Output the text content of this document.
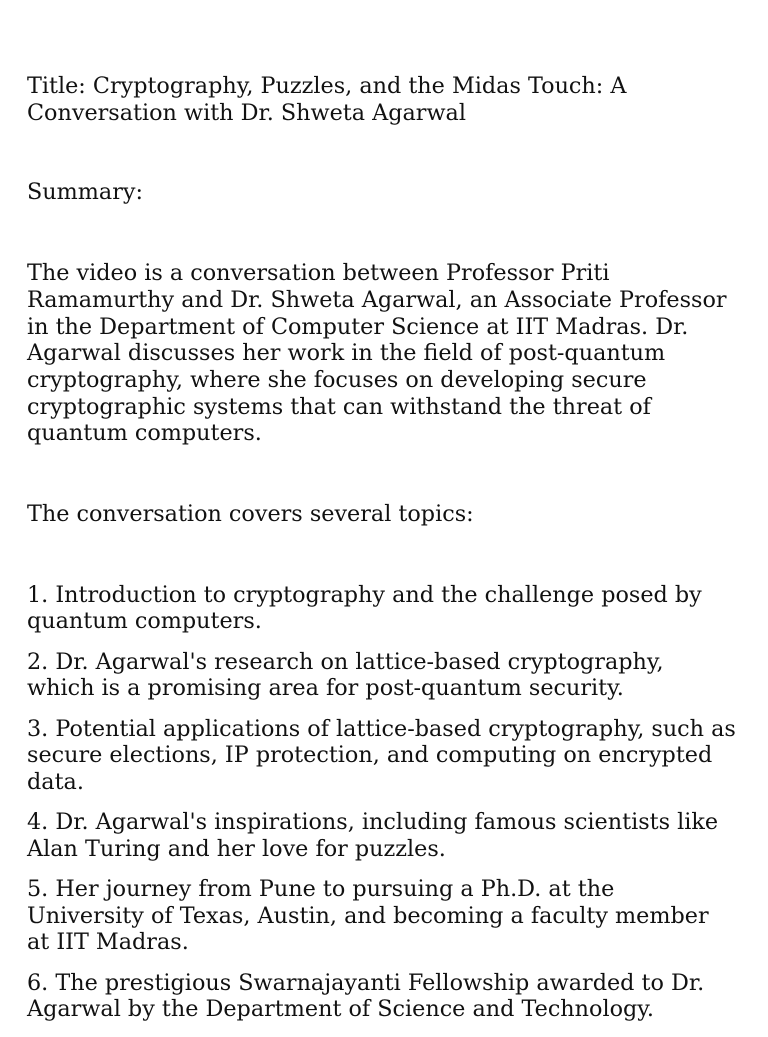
Title: Cryptography, Puzzles, and the Midas Touch: A Conversation with Dr. Shweta Agarwal

Summary:

The video is a conversation between Professor Priti Ramamurthy and Dr. Shweta Agarwal, an Associate Professor in the Department of Computer Science at IIT Madras. Dr. Agarwal discusses her work in the field of post-quantum cryptography, where she focuses on developing secure cryptographic systems that can withstand the threat of quantum computers.

The conversation covers several topics:

1. Introduction to cryptography and the challenge posed by quantum computers.
2. Dr. Agarwal's research on lattice-based cryptography, which is a promising area for post-quantum security.
3. Potential applications of lattice-based cryptography, such as secure elections, IP protection, and computing on encrypted data.
4. Dr. Agarwal's inspirations, including famous scientists like Alan Turing and her love for puzzles.
5. Her journey from Pune to pursuing a Ph.D. at the University of Texas, Austin, and becoming a faculty member at IIT Madras.
6. The prestigious Swarnajayanti Fellowship awarded to Dr. Agarwal by the Department of Science and Technology.
